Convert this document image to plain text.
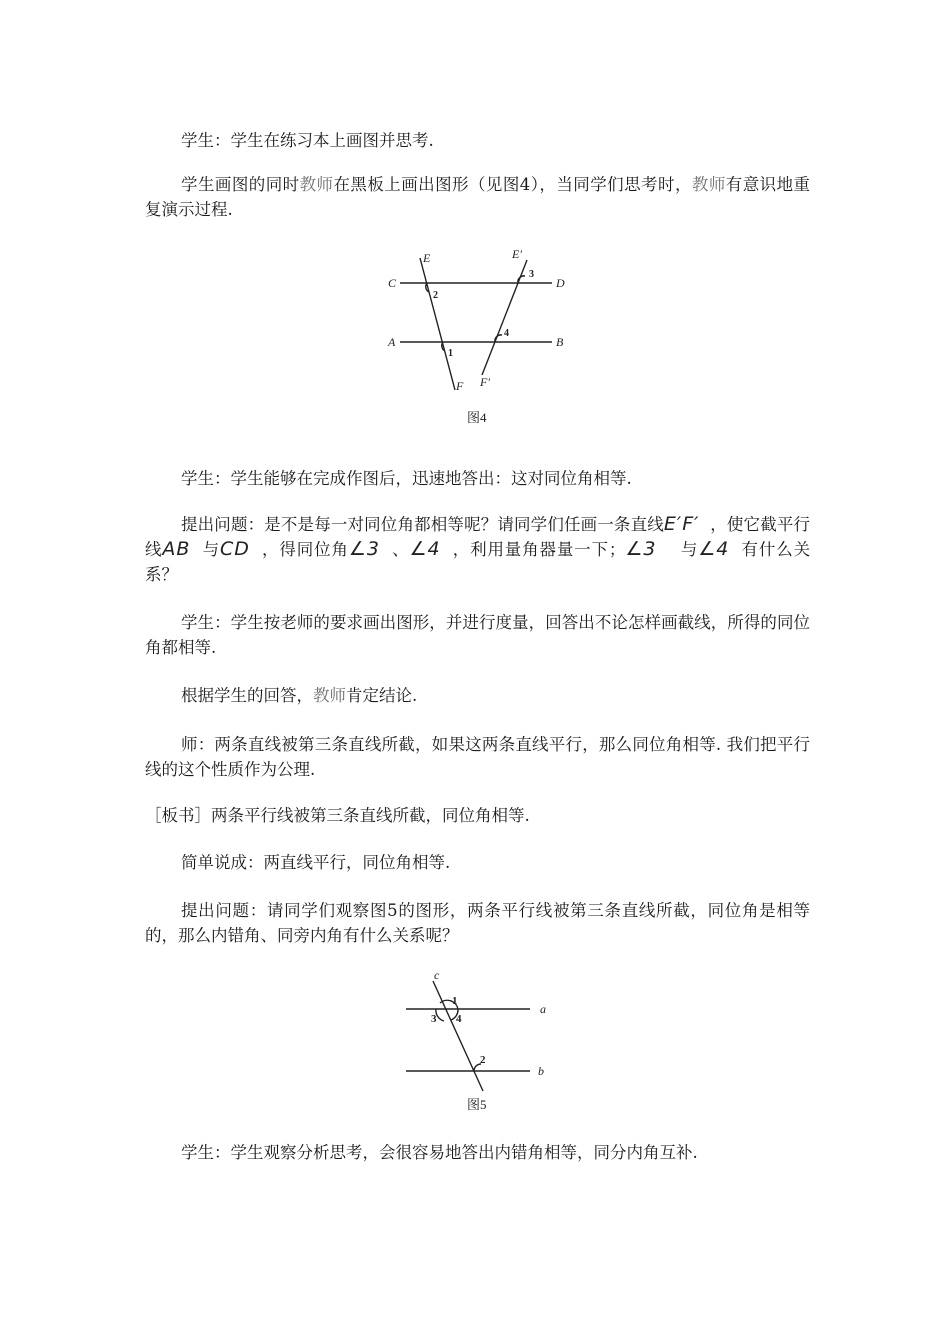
学生：学生在练习本上画图并思考.

学生画图的同时教师在黑板上画出图形（见图4），当同学们思考时，教师有意识地重复演示过程.

E	E′
C	D
A	B
F F′
2
1
3
4
图4

学生：学生能够在完成作图后，迅速地答出：这对同位角相等.

提出问题：是不是每一对同位角都相等呢？请同学们任画一条直线E′F′ ，使它截平行线AB 与CD ，得同位角∠3 、∠4 ，利用量角器量一下；∠3 与∠4 有什么关系？

学生：学生按老师的要求画出图形，并进行度量，回答出不论怎样画截线，所得的同位角都相等.

根据学生的回答，教师肯定结论.

师：两条直线被第三条直线所截，如果这两条直线平行，那么同位角相等. 我们把平行线的这个性质作为公理.

［板书］两条平行线被第三条直线所截，同位角相等.

简单说成：两直线平行，同位角相等.

提出问题：请同学们观察图5的图形，两条平行线被第三条直线所截，同位角是相等的，那么内错角、同旁内角有什么关系呢？

c
a
b
1
3 4
2
图5

学生：学生观察分析思考，会很容易地答出内错角相等，同分内角互补.
